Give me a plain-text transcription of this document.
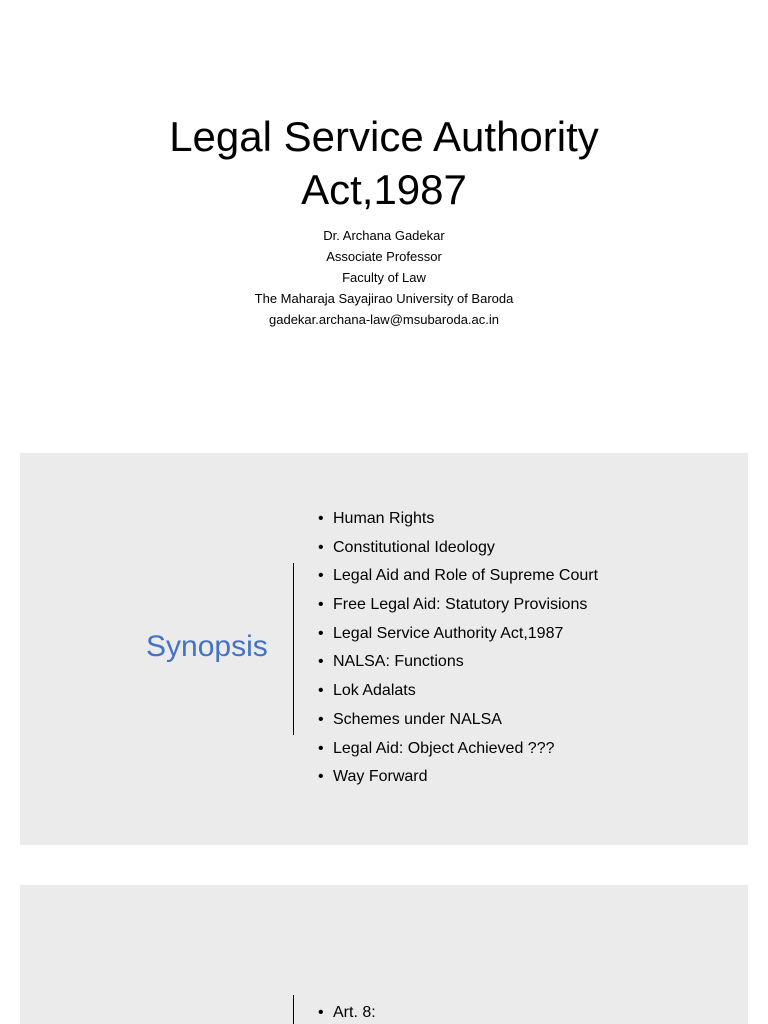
Legal Service Authority
Act,1987
Dr. Archana Gadekar
Associate Professor
Faculty of Law
The Maharaja Sayajirao University of Baroda
gadekar.archana-law@msubaroda.ac.in
Synopsis
• Human Rights
• Constitutional Ideology
• Legal Aid and Role of Supreme Court
• Free Legal Aid: Statutory Provisions
• Legal Service Authority Act,1987
• NALSA: Functions
• Lok Adalats
• Schemes under NALSA
• Legal Aid: Object Achieved ???
• Way Forward
• Art. 8:
